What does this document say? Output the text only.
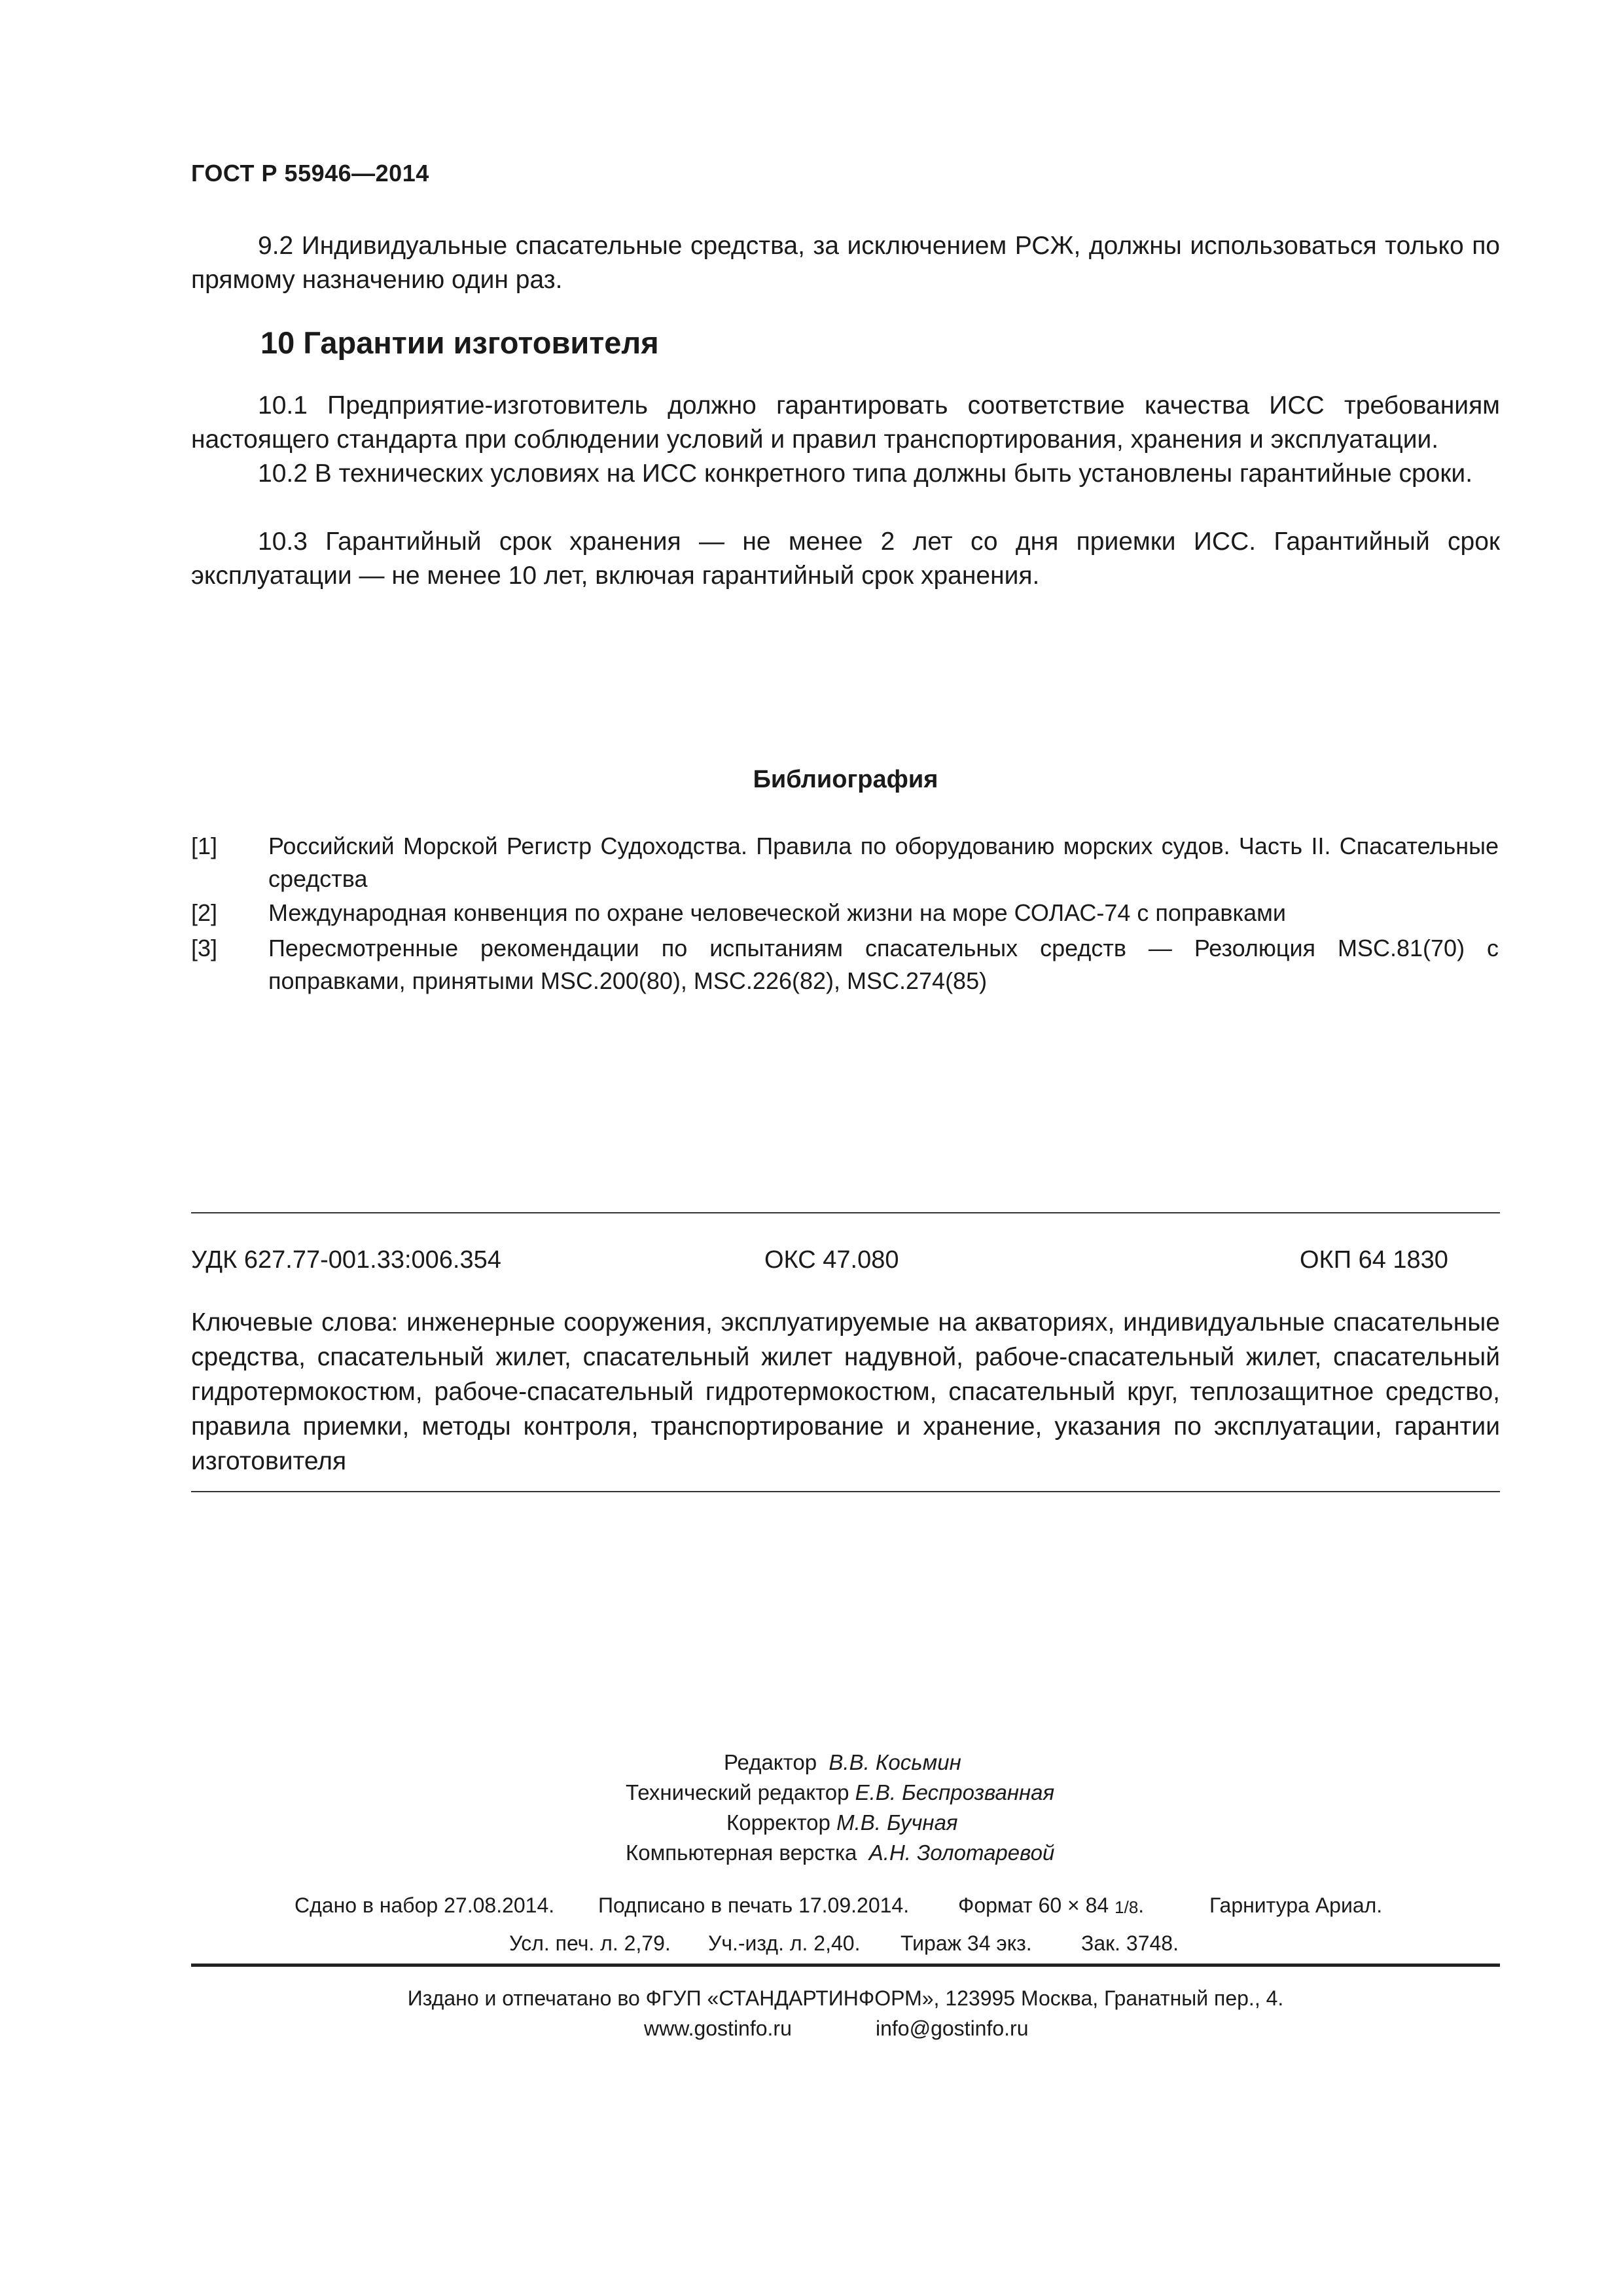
ГОСТ Р 55946—2014
9.2 Индивидуальные спасательные средства, за исключением РСЖ, должны использоваться только по прямому назначению один раз.
10 Гарантии изготовителя
10.1 Предприятие-изготовитель должно гарантировать соответствие качества ИСС требованиям настоящего стандарта при соблюдении условий и правил транспортирования, хранения и эксплуатации.
10.2 В технических условиях на ИСС конкретного типа должны быть установлены гарантийные сроки.
10.3 Гарантийный срок хранения — не менее 2 лет со дня приемки ИСС. Гарантийный срок эксплуатации — не менее 10 лет, включая гарантийный срок хранения.
Библиография
[1] Российский Морской Регистр Судоходства. Правила по оборудованию морских судов. Часть II. Спасательные средства
[2] Международная конвенция по охране человеческой жизни на море СОЛАС-74 с поправками
[3] Пересмотренные рекомендации по испытаниям спасательных средств — Резолюция MSC.81(70) с поправками, принятыми MSC.200(80), MSC.226(82), MSC.274(85)
УДК 627.77-001.33:006.354	ОКС 47.080	ОКП 64 1830
Ключевые слова: инженерные сооружения, эксплуатируемые на акваториях, индивидуальные спасательные средства, спасательный жилет, спасательный жилет надувной, рабоче-спасательный жилет, спасательный гидротермокостюм, рабоче-спасательный гидротермокостюм, спасательный круг, теплозащитное средство, правила приемки, методы контроля, транспортирование и хранение, указания по эксплуатации, гарантии изготовителя
Редактор В.В. Косьмин
Технический редактор Е.В. Беспрозванная
Корректор М.В. Бучная
Компьютерная верстка А.Н. Золотаревой
Сдано в набор 27.08.2014. Подписано в печать 17.09.2014. Формат 60 × 84 1/8.	Гарнитура Ариал.
Усл. печ. л. 2,79. Уч.-изд. л. 2,40. Тираж 34 экз. Зак. 3748.
Издано и отпечатано во ФГУП «СТАНДАРТИНФОРМ», 123995 Москва, Гранатный пер., 4.
www.gostinfo.ru	info@gostinfo.ru
